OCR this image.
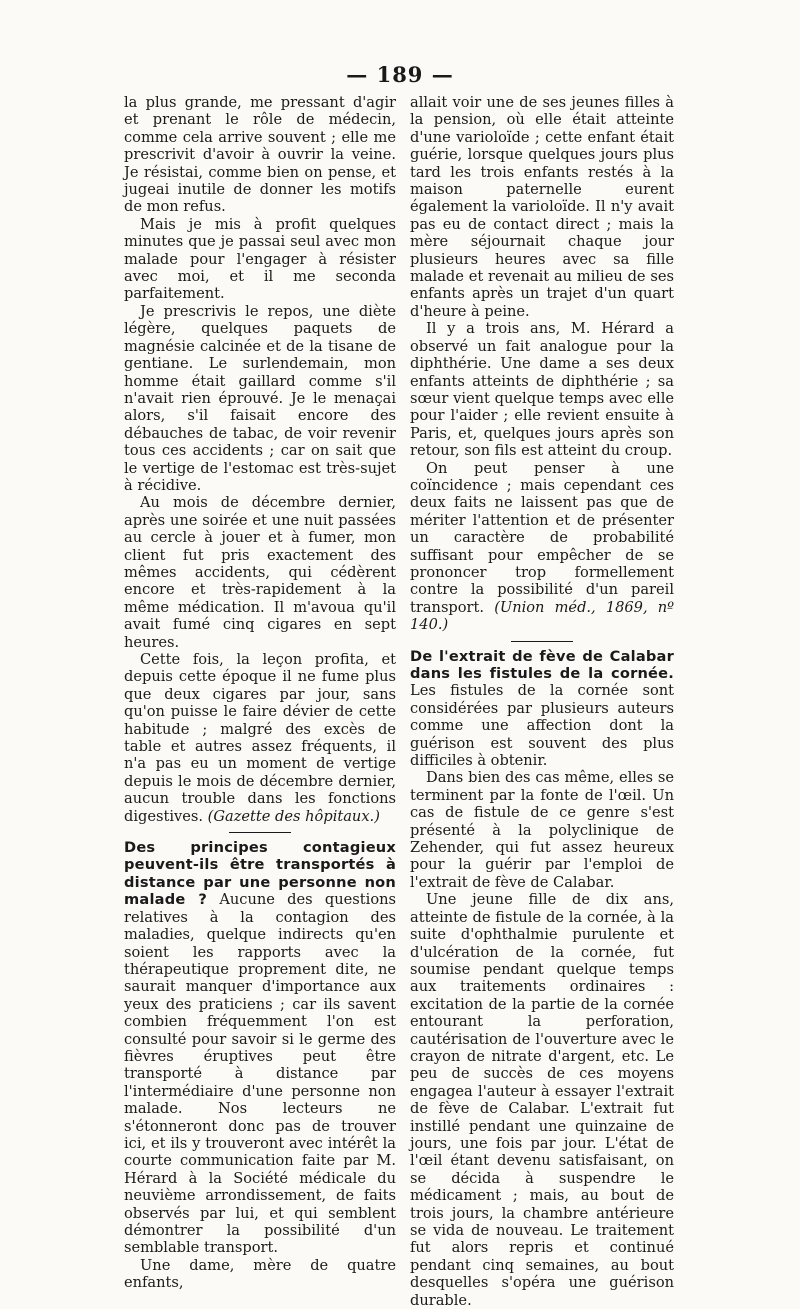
— 189 —

la plus grande, me pressant d'agir et prenant le rôle de médecin, comme cela arrive souvent ; elle me prescrivit d'avoir à ouvrir la veine. Je résistai, comme bien on pense, et jugeai inutile de donner les motifs de mon refus.

Mais je mis à profit quelques minutes que je passai seul avec mon malade pour l'engager à résister avec moi, et il me seconda parfaitement.

Je prescrivis le repos, une diète légère, quelques paquets de magnésie calcinée et de la tisane de gentiane. Le surlendemain, mon homme était gaillard comme s'il n'avait rien éprouvé. Je le menaçai alors, s'il faisait encore des débauches de tabac, de voir revenir tous ces accidents ; car on sait que le vertige de l'estomac est très-sujet à récidive.

Au mois de décembre dernier, après une soirée et une nuit passées au cercle à jouer et à fumer, mon client fut pris exactement des mêmes accidents, qui cédèrent encore et très-rapidement à la même médication. Il m'avoua qu'il avait fumé cinq cigares en sept heures.

Cette fois, la leçon profita, et depuis cette époque il ne fume plus que deux cigares par jour, sans qu'on puisse le faire dévier de cette habitude ; malgré des excès de table et autres assez fréquents, il n'a pas eu un moment de vertige depuis le mois de décembre dernier, aucun trouble dans les fonctions digestives. (Gazette des hôpitaux.)

Des principes contagieux peuvent-ils être transportés à distance par une personne non malade ? Aucune des questions relatives à la contagion des maladies, quelque indirects qu'en soient les rapports avec la thérapeutique proprement dite, ne saurait manquer d'importance aux yeux des praticiens ; car ils savent combien fréquemment l'on est consulté pour savoir si le germe des fièvres éruptives peut être transporté à distance par l'intermédiaire d'une personne non malade. Nos lecteurs ne s'étonneront donc pas de trouver ici, et ils y trouveront avec intérêt la courte communication faite par M. Hérard à la Société médicale du neuvième arrondissement, de faits observés par lui, et qui semblent démontrer la possibilité d'un semblable transport.

Une dame, mère de quatre enfants,

allait voir une de ses jeunes filles à la pension, où elle était atteinte d'une varioloïde ; cette enfant était guérie, lorsque quelques jours plus tard les trois enfants restés à la maison paternelle eurent également la varioloïde. Il n'y avait pas eu de contact direct ; mais la mère séjournait chaque jour plusieurs heures avec sa fille malade et revenait au milieu de ses enfants après un trajet d'un quart d'heure à peine.

Il y a trois ans, M. Hérard a observé un fait analogue pour la diphthérie. Une dame a ses deux enfants atteints de diphthérie ; sa sœur vient quelque temps avec elle pour l'aider ; elle revient ensuite à Paris, et, quelques jours après son retour, son fils est atteint du croup.

On peut penser à une coïncidence ; mais cependant ces deux faits ne laissent pas que de mériter l'attention et de présenter un caractère de probabilité suffisant pour empêcher de se prononcer trop formellement contre la possibilité d'un pareil transport. (Union méd., 1869, nº 140.)

De l'extrait de fève de Calabar dans les fistules de la cornée. Les fistules de la cornée sont considérées par plusieurs auteurs comme une affection dont la guérison est souvent des plus difficiles à obtenir.

Dans bien des cas même, elles se terminent par la fonte de l'œil. Un cas de fistule de ce genre s'est présenté à la polyclinique de Zehender, qui fut assez heureux pour la guérir par l'emploi de l'extrait de fève de Calabar.

Une jeune fille de dix ans, atteinte de fistule de la cornée, à la suite d'ophthalmie purulente et d'ulcération de la cornée, fut soumise pendant quelque temps aux traitements ordinaires : excitation de la partie de la cornée entourant la perforation, cautérisation de l'ouverture avec le crayon de nitrate d'argent, etc. Le peu de succès de ces moyens engagea l'auteur à essayer l'extrait de fève de Calabar. L'extrait fut instillé pendant une quinzaine de jours, une fois par jour. L'état de l'œil étant devenu satisfaisant, on se décida à suspendre le médicament ; mais, au bout de trois jours, la chambre antérieure se vida de nouveau. Le traitement fut alors repris et continué pendant cinq semaines, au bout desquelles s'opéra une guérison durable.
